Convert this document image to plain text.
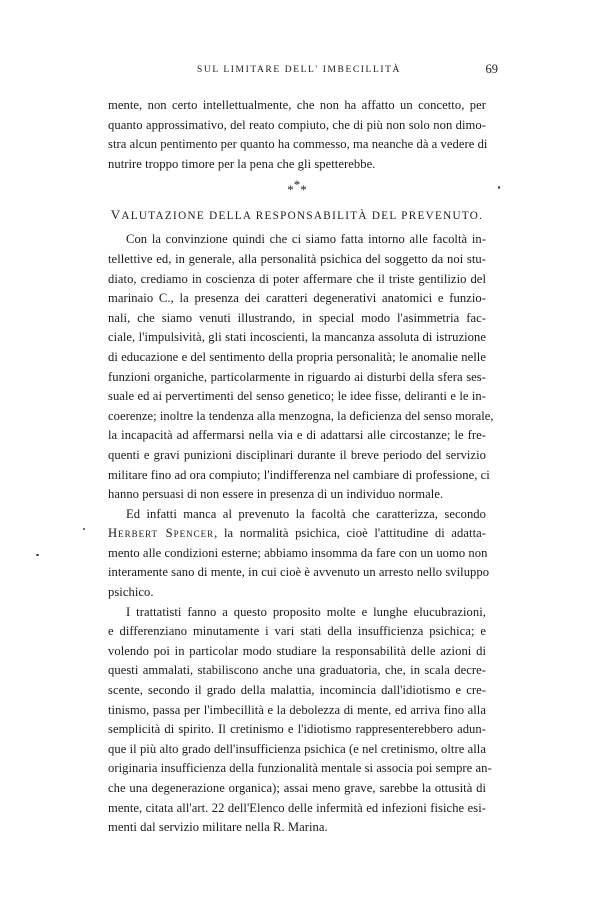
SUL LIMITARE DELL' IMBECILLITÀ	69
mente, non certo intellettualmente, che non ha affatto un concetto, per
quanto approssimativo, del reato compiuto, che di più non solo non dimo-
stra alcun pentimento per quanto ha commesso, ma neanche dà a vedere di
nutrire troppo timore per la pena che gli spetterebbe.
***
VALUTAZIONE DELLA RESPONSABILITÀ DEL PREVENUTO.
Con la convinzione quindi che ci siamo fatta intorno alle facoltà in-
tellettive ed, in generale, alla personalità psichica del soggetto da noi stu-
diato, crediamo in coscienza di poter affermare che il triste gentilizio del
marinaio C., la presenza dei caratteri degenerativi anatomici e funzio-
nali, che siamo venuti illustrando, in special modo l'asimmetria fac-
ciale, l'impulsività, gli stati incoscienti, la mancanza assoluta di istruzione
di educazione e del sentimento della propria personalità; le anomalie nelle
funzioni organiche, particolarmente in riguardo ai disturbi della sfera ses-
suale ed ai pervertimenti del senso genetico; le idee fisse, deliranti e le in-
coerenze; inoltre la tendenza alla menzogna, la deficienza del senso morale,
la incapacità ad affermarsi nella via e di adattarsi alle circostanze; le fre-
quenti e gravi punizioni disciplinari durante il breve periodo del servizio
militare fino ad ora compiuto; l'indifferenza nel cambiare di professione, ci
hanno persuasi di non essere in presenza di un individuo normale.
Ed infatti manca al prevenuto la facoltà che caratterizza, secondo
Herbert Spencer, la normalità psichica, cioè l'attitudine di adatta-
mento alle condizioni esterne; abbiamo insomma da fare con un uomo non
interamente sano di mente, in cui cioè è avvenuto un arresto nello sviluppo
psichico.
I trattatisti fanno a questo proposito molte e lunghe elucubrazioni,
e differenziano minutamente i vari stati della insufficienza psichica; e
volendo poi in particolar modo studiare la responsabilità delle azioni di
questi ammalati, stabiliscono anche una graduatoria, che, in scala decre-
scente, secondo il grado della malattia, incomincia dall'idiotismo e cre-
tinismo, passa per l'imbecillità e la debolezza di mente, ed arriva fino alla
semplicità di spirito. Il cretinismo e l'idiotismo rappresenterebbero adun-
que il più alto grado dell'insufficienza psichica (e nel cretinismo, oltre alla
originaria insufficienza della funzionalità mentale si associa poi sempre an-
che una degenerazione organica); assai meno grave, sarebbe la ottusità di
mente, citata all'art. 22 dell'Elenco delle infermità ed infezioni fisiche esi-
menti dal servizio militare nella R. Marina.
